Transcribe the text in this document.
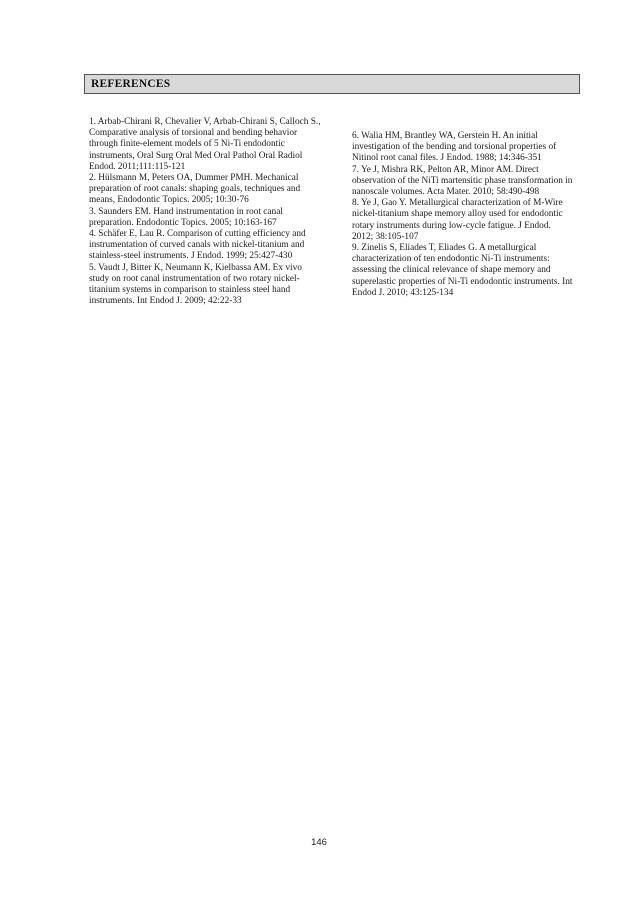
REFERENCES

1. Arbab-Chirani R, Chevalier V, Arbab-Chirani S, Calloch S., Comparative analysis of torsional and bending behavior through finite-element models of 5 Ni-Ti endodontic instruments, Oral Surg Oral Med Oral Pathol Oral Radiol Endod. 2011;111:115-121

2. Hülsmann M, Peters OA, Dummer PMH. Mechanical preparation of root canals: shaping goals, techniques and means, Endodontic Topics. 2005; 10:30-76

3. Saunders EM. Hand instrumentation in root canal preparation. Endodontic Topics. 2005; 10:163-167

4. Schäfer E, Lau R. Comparison of cutting efficiency and instrumentation of curved canals with nickel-titanium and stainless-steel instruments. J Endod. 1999; 25:427-430

5. Vaudt J, Bitter K, Neumann K, Kielbassa AM. Ex vivo study on root canal instrumentation of two rotary nickel-titanium systems in comparison to stainless steel hand instruments. Int Endod J. 2009; 42:22-33

6. Walia HM, Brantley WA, Gerstein H. An initial investigation of the bending and torsional properties of Nitinol root canal files. J Endod. 1988; 14:346-351

7. Ye J, Mishra RK, Pelton AR, Minor AM. Direct observation of the NiTi martensitic phase transformation in nanoscale volumes. Acta Mater. 2010; 58:490-498

8. Ye J, Gao Y. Metallurgical characterization of M-Wire nickel-titanium shape memory alloy used for endodontic rotary instruments during low-cycle fatigue. J Endod. 2012; 38:105-107

9. Zinelis S, Eliades T, Eliades G. A metallurgical characterization of ten endodontic Ni-Ti instruments: assessing the clinical relevance of shape memory and superelastic properties of Ni-Ti endodontic instruments. Int Endod J. 2010; 43:125-134

146
